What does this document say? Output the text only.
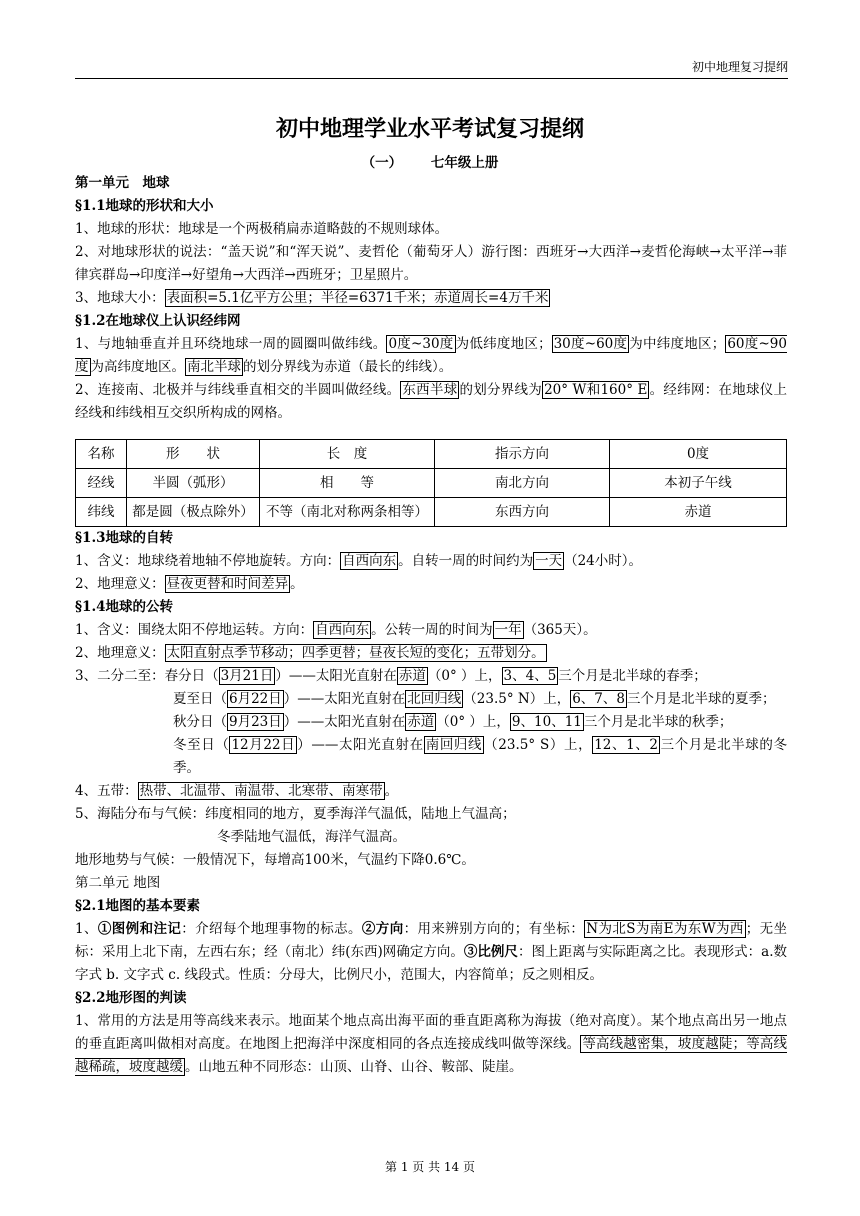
初中地理复习提纲
初中地理学业水平考试复习提纲
（一） 七年级上册

第一单元　地球

§1.1地球的形状和大小

1、地球的形状：地球是一个两极稍扁赤道略鼓的不规则球体。

2、对地球形状的说法：“盖天说”和“浑天说”、麦哲伦（葡萄牙人）游行图：西班牙→大西洋→麦哲伦海峡→太平洋→菲律宾群岛→印度洋→好望角→大西洋→西班牙；卫星照片。

3、地球大小： 表面积=5.1亿平方公里；半径=6371千米；赤道周长=4万千米

§1.2在地球仪上认识经纬网

1、与地轴垂直并且环绕地球一周的圆圈叫做纬线。 0度~30度 为低纬度地区； 30度~60度 为中纬度地区； 60度~90度 为高纬度地区。 南北半球 的划分界线为赤道（最长的纬线）。

2、连接南、北极并与纬线垂直相交的半圆叫做经线。 东西半球 的划分界线为 20° W和160° E 。经纬网：在地球仪上经线和纬线相互交织所构成的网格。

名称	形　　状	长　度	指示方向	0度
经线	半圆（弧形）	相　　等	南北方向	本初子午线
纬线	都是圆（极点除外）	不等（南北对称两条相等）	东西方向	赤道

§1.3地球的自转

1、含义：地球绕着地轴不停地旋转。方向： 自西向东 。自转一周的时间约为 一天 （24小时）。

2、地理意义： 昼夜更替和时间差异 。

§1.4地球的公转

1、含义：围绕太阳不停地运转。方向： 自西向东 。公转一周的时间为 一年 （365天）。

2、地理意义： 太阳直射点季节移动；四季更替；昼夜长短的变化；五带划分。

3、二分二至：春分日（ 3月21日 ）——太阳光直射在 赤道 （0° ）上， 3、4、5 三个月是北半球的春季；

夏至日（ 6月22日 ）——太阳光直射在 北回归线 （23.5° N）上， 6、7、8 三个月是北半球的夏季；

秋分日（ 9月23日 ）——太阳光直射在 赤道 （0° ）上， 9、10、11 三个月是北半球的秋季；

冬至日（ 12月22日 ）——太阳光直射在 南回归线 （23.5° S）上， 12、1、2 三个月是北半球的冬季。

4、五带： 热带、北温带、南温带、北寒带、南寒带 。

5、海陆分布与气候：纬度相同的地方，夏季海洋气温低，陆地上气温高；

冬季陆地气温低，海洋气温高。

地形地势与气候：一般情况下，每增高100米，气温约下降0.6℃。

第二单元 地图

§2.1地图的基本要素

1、①图例和注记：介绍每个地理事物的标志。②方向：用来辨别方向的；有坐标： N为北S为南E为东W为西 ；无坐标：采用上北下南，左西右东；经（南北）纬(东西)网确定方向。③比例尺：图上距离与实际距离之比。表现形式：a.数字式 b. 文字式 c. 线段式。性质：分母大，比例尺小，范围大，内容简单；反之则相反。

§2.2地形图的判读

1、常用的方法是用等高线来表示。地面某个地点高出海平面的垂直距离称为海拔（绝对高度）。某个地点高出另一地点的垂直距离叫做相对高度。在地图上把海洋中深度相同的各点连接成线叫做等深线。 等高线越密集，坡度越陡；等高线越稀疏，坡度越缓 。山地五种不同形态：山顶、山脊、山谷、鞍部、陡崖。

第 1 页 共 14 页
